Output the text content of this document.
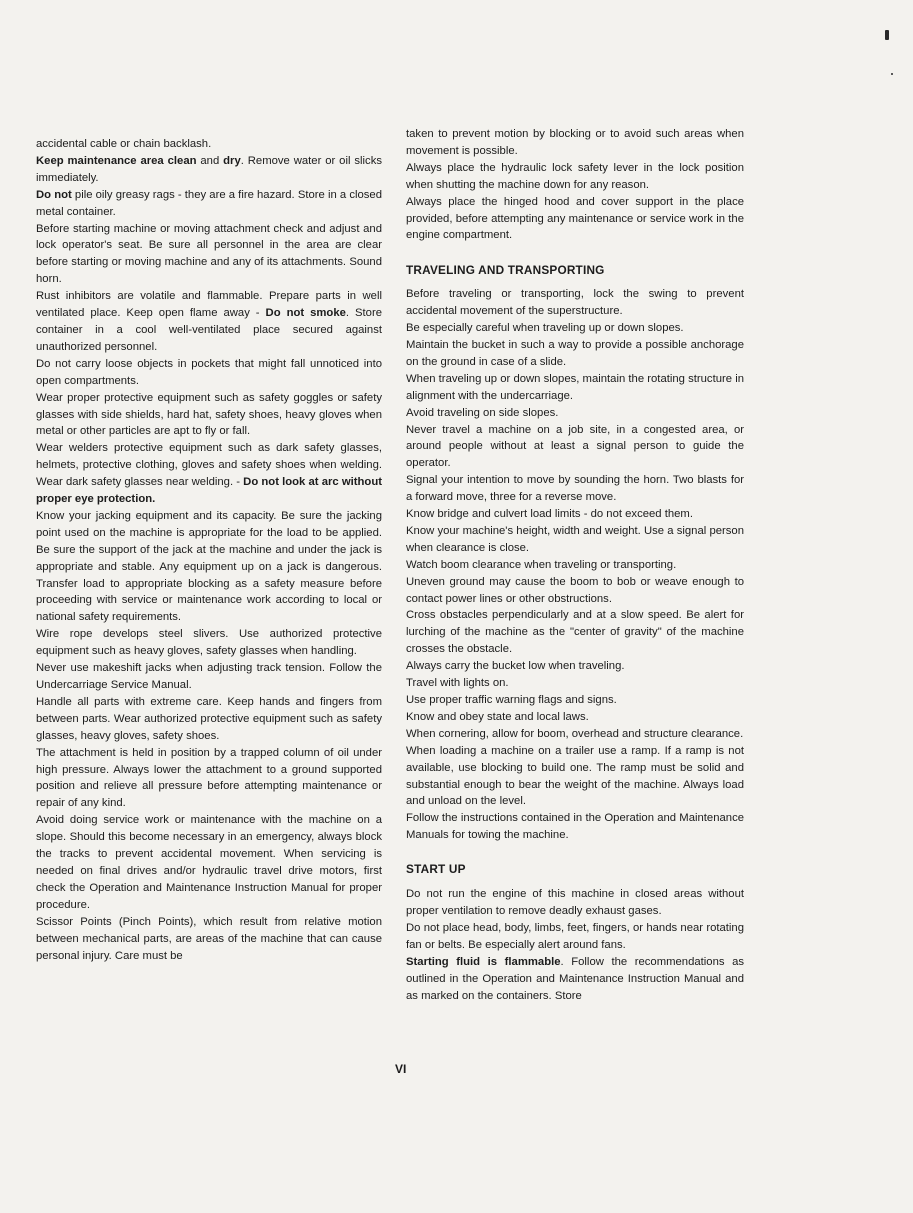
accidental cable or chain backlash.

Keep maintenance area clean and dry. Remove water or oil slicks immediately.

Do not pile oily greasy rags - they are a fire hazard. Store in a closed metal container.

Before starting machine or moving attachment check and adjust and lock operator's seat. Be sure all personnel in the area are clear before starting or moving machine and any of its attachments. Sound horn.

Rust inhibitors are volatile and flammable. Prepare parts in well ventilated place. Keep open flame away - Do not smoke. Store container in a cool well-ventilated place secured against unauthorized personnel.

Do not carry loose objects in pockets that might fall unnoticed into open compartments.

Wear proper protective equipment such as safety goggles or safety glasses with side shields, hard hat, safety shoes, heavy gloves when metal or other particles are apt to fly or fall.

Wear welders protective equipment such as dark safety glasses, helmets, protective clothing, gloves and safety shoes when welding. Wear dark safety glasses near welding. - Do not look at arc without proper eye protection.

Know your jacking equipment and its capacity. Be sure the jacking point used on the machine is appropriate for the load to be applied. Be sure the support of the jack at the machine and under the jack is appropriate and stable. Any equipment up on a jack is dangerous. Transfer load to appropriate blocking as a safety measure before proceeding with service or maintenance work according to local or national safety requirements.

Wire rope develops steel slivers. Use authorized protective equipment such as heavy gloves, safety glasses when handling.

Never use makeshift jacks when adjusting track tension. Follow the Undercarriage Service Manual.

Handle all parts with extreme care. Keep hands and fingers from between parts. Wear authorized protective equipment such as safety glasses, heavy gloves, safety shoes.

The attachment is held in position by a trapped column of oil under high pressure. Always lower the attachment to a ground supported position and relieve all pressure before attempting maintenance or repair of any kind.

Avoid doing service work or maintenance with the machine on a slope. Should this become necessary in an emergency, always block the tracks to prevent accidental movement. When servicing is needed on final drives and/or hydraulic travel drive motors, first check the Operation and Maintenance Instruction Manual for proper procedure.

Scissor Points (Pinch Points), which result from relative motion between mechanical parts, are areas of the machine that can cause personal injury. Care must be

taken to prevent motion by blocking or to avoid such areas when movement is possible.

Always place the hydraulic lock safety lever in the lock position when shutting the machine down for any reason.

Always place the hinged hood and cover support in the place provided, before attempting any maintenance or service work in the engine compartment.

TRAVELING AND TRANSPORTING

Before traveling or transporting, lock the swing to prevent accidental movement of the superstructure.

Be especially careful when traveling up or down slopes.

Maintain the bucket in such a way to provide a possible anchorage on the ground in case of a slide.

When traveling up or down slopes, maintain the rotating structure in alignment with the undercarriage.

Avoid traveling on side slopes.

Never travel a machine on a job site, in a congested area, or around people without at least a signal person to guide the operator.

Signal your intention to move by sounding the horn. Two blasts for a forward move, three for a reverse move.

Know bridge and culvert load limits - do not exceed them.

Know your machine's height, width and weight. Use a signal person when clearance is close.

Watch boom clearance when traveling or transporting.

Uneven ground may cause the boom to bob or weave enough to contact power lines or other obstructions.

Cross obstacles perpendicularly and at a slow speed. Be alert for lurching of the machine as the "center of gravity" of the machine crosses the obstacle.

Always carry the bucket low when traveling.

Travel with lights on.

Use proper traffic warning flags and signs.

Know and obey state and local laws.

When cornering, allow for boom, overhead and structure clearance.

When loading a machine on a trailer use a ramp. If a ramp is not available, use blocking to build one. The ramp must be solid and substantial enough to bear the weight of the machine. Always load and unload on the level.

Follow the instructions contained in the Operation and Maintenance Manuals for towing the machine.

START UP

Do not run the engine of this machine in closed areas without proper ventilation to remove deadly exhaust gases.

Do not place head, body, limbs, feet, fingers, or hands near rotating fan or belts. Be especially alert around fans.

Starting fluid is flammable. Follow the recommendations as outlined in the Operation and Maintenance Instruction Manual and as marked on the containers. Store

VI
